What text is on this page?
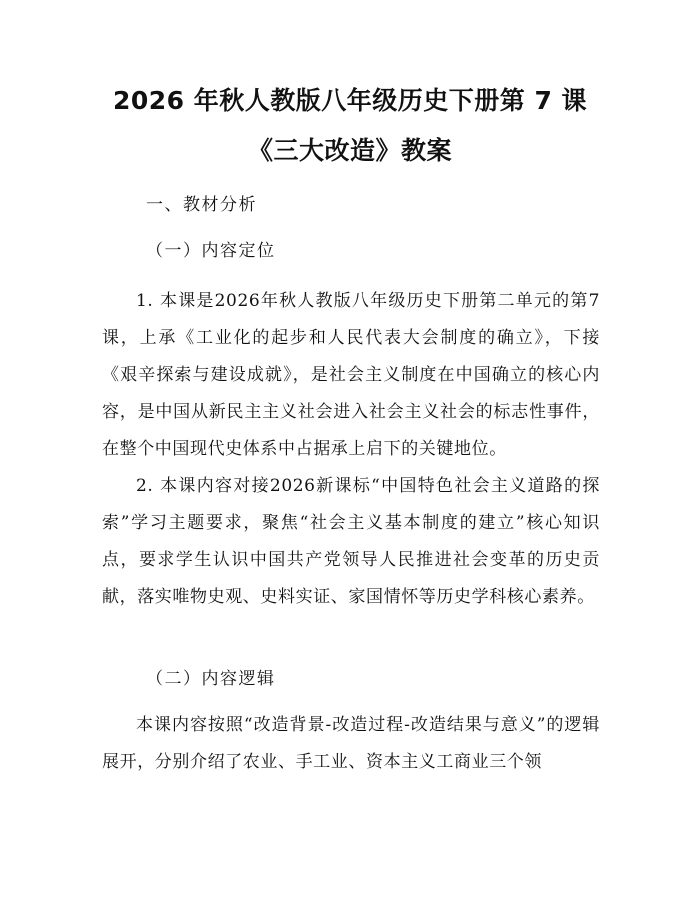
2026 年秋人教版八年级历史下册第 7 课《三大改造》教案
一、教材分析
（一）内容定位

1. 本课是2026年秋人教版八年级历史下册第二单元的第7课，上承《工业化的起步和人民代表大会制度的确立》，下接《艰辛探索与建设成就》，是社会主义制度在中国确立的核心内容，是中国从新民主主义社会进入社会主义社会的标志性事件，在整个中国现代史体系中占据承上启下的关键地位。

2. 本课内容对接2026新课标“中国特色社会主义道路的探索”学习主题要求，聚焦“社会主义基本制度的建立”核心知识点，要求学生认识中国共产党领导人民推进社会变革的历史贡献，落实唯物史观、史料实证、家国情怀等历史学科核心素养。

（二）内容逻辑

本课内容按照“改造背景-改造过程-改造结果与意义”的逻辑展开，分别介绍了农业、手工业、资本主义工商业三个领
